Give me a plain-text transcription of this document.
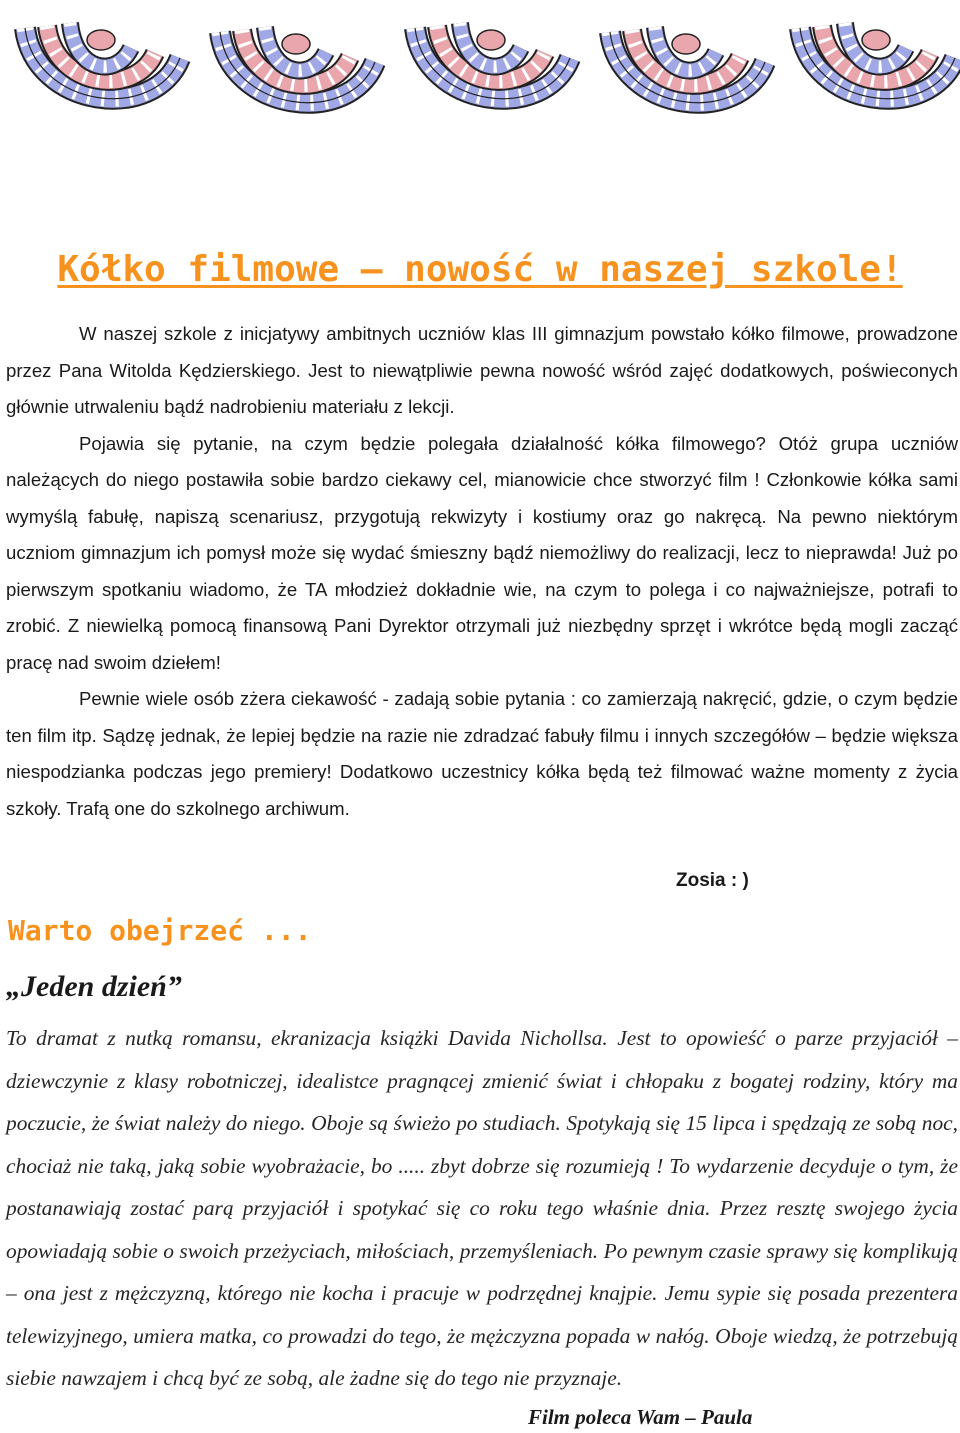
Kółko filmowe – nowość w naszej szkole!

W naszej szkole z inicjatywy ambitnych uczniów klas III gimnazjum powstało kółko filmowe, prowadzone przez Pana Witolda Kędzierskiego. Jest to niewątpliwie pewna nowość wśród zajęć dodatkowych, poświeconych głównie utrwaleniu bądź nadrobieniu materiału z lekcji.

Pojawia się pytanie, na czym będzie polegała działalność kółka filmowego? Otóż grupa uczniów należących do niego postawiła sobie bardzo ciekawy cel, mianowicie chce stworzyć film ! Członkowie kółka sami wymyślą fabułę, napiszą scenariusz, przygotują rekwizyty i kostiumy oraz go nakręcą. Na pewno niektórym uczniom gimnazjum ich pomysł może się wydać śmieszny bądź niemożliwy do realizacji, lecz to nieprawda! Już po pierwszym spotkaniu wiadomo, że TA młodzież dokładnie wie, na czym to polega i co najważniejsze, potrafi to zrobić. Z niewielką pomocą finansową Pani Dyrektor otrzymali już niezbędny sprzęt i wkrótce będą mogli zacząć pracę nad swoim dziełem!

Pewnie wiele osób zżera ciekawość - zadają sobie pytania : co zamierzają nakręcić, gdzie, o czym będzie ten film itp. Sądzę jednak, że lepiej będzie na razie nie zdradzać fabuły filmu i innych szczegółów – będzie większa niespodzianka podczas jego premiery! Dodatkowo uczestnicy kółka będą też filmować ważne momenty z życia szkoły. Trafą one do szkolnego archiwum.

Zosia : )
Warto obejrzeć ...
„Jeden dzień”

To dramat z nutką romansu, ekranizacja książki Davida Nichollsa. Jest to opowieść o parze przyjaciół – dziewczynie z klasy robotniczej, idealistce pragnącej zmienić świat i chłopaku z bogatej rodziny, który ma poczucie, że świat należy do niego. Oboje są świeżo po studiach. Spotykają się 15 lipca i spędzają ze sobą noc, chociaż nie taką, jaką sobie wyobrażacie, bo ..... zbyt dobrze się rozumieją ! To wydarzenie decyduje o tym, że postanawiają zostać parą przyjaciół i spotykać się co roku tego właśnie dnia. Przez resztę swojego życia opowiadają sobie o swoich przeżyciach, miłościach, przemyśleniach. Po pewnym czasie sprawy się komplikują – ona jest z mężczyzną, którego nie kocha i pracuje w podrzędnej knajpie. Jemu sypie się posada prezentera telewizyjnego, umiera matka, co prowadzi do tego, że mężczyzna popada w nałóg. Oboje wiedzą, że potrzebują siebie nawzajem i chcą być ze sobą, ale żadne się do tego nie przyznaje.

Film poleca Wam – Paula
